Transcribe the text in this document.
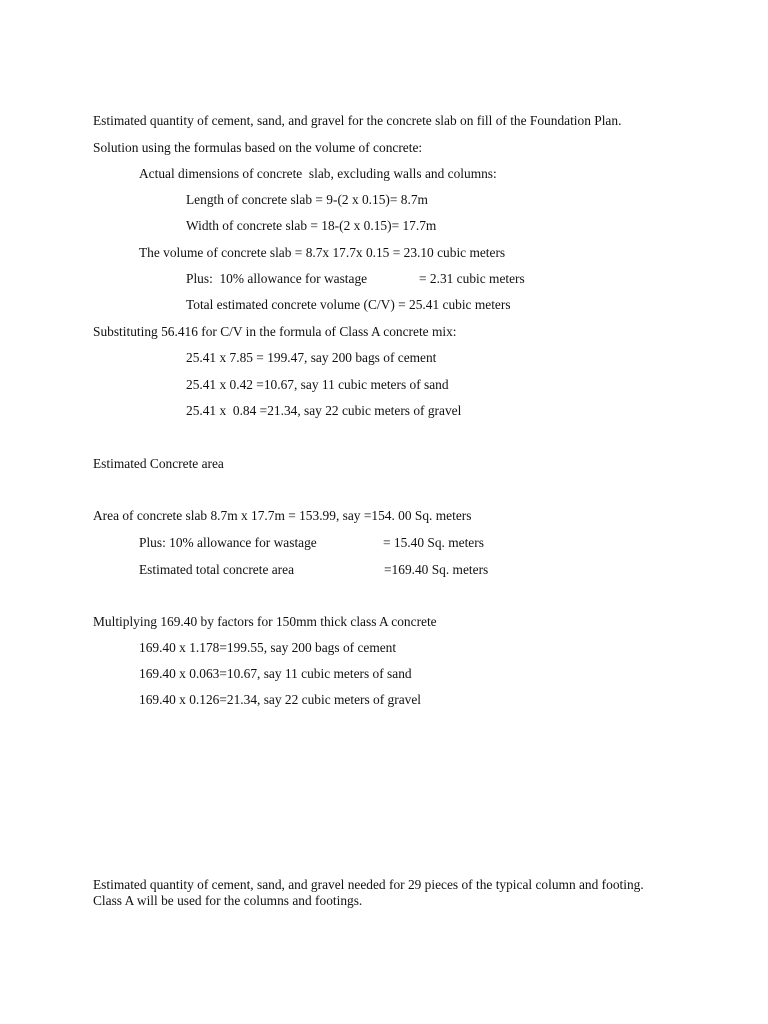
Estimated quantity of cement, sand, and gravel for the concrete slab on fill of the Foundation Plan.
Solution using the formulas based on the volume of concrete:
Actual dimensions of concrete  slab, excluding walls and columns:
Length of concrete slab = 9-(2 x 0.15)= 8.7m
Width of concrete slab = 18-(2 x 0.15)= 17.7m
The volume of concrete slab = 8.7x 17.7x 0.15 = 23.10 cubic meters
Plus:  10% allowance for wastage	= 2.31 cubic meters
Total estimated concrete volume (C/V) = 25.41 cubic meters
Substituting 56.416 for C/V in the formula of Class A concrete mix:
25.41 x 7.85 = 199.47, say 200 bags of cement
25.41 x 0.42 =10.67, say 11 cubic meters of sand
25.41 x  0.84 =21.34, say 22 cubic meters of gravel
Estimated Concrete area
Area of concrete slab 8.7m x 17.7m = 153.99, say =154. 00 Sq. meters
Plus: 10% allowance for wastage	= 15.40 Sq. meters
Estimated total concrete area	=169.40 Sq. meters
Multiplying 169.40 by factors for 150mm thick class A concrete
169.40 x 1.178=199.55, say 200 bags of cement
169.40 x 0.063=10.67, say 11 cubic meters of sand
169.40 x 0.126=21.34, say 22 cubic meters of gravel
Estimated quantity of cement, sand, and gravel needed for 29 pieces of the typical column and footing. Class A will be used for the columns and footings.
